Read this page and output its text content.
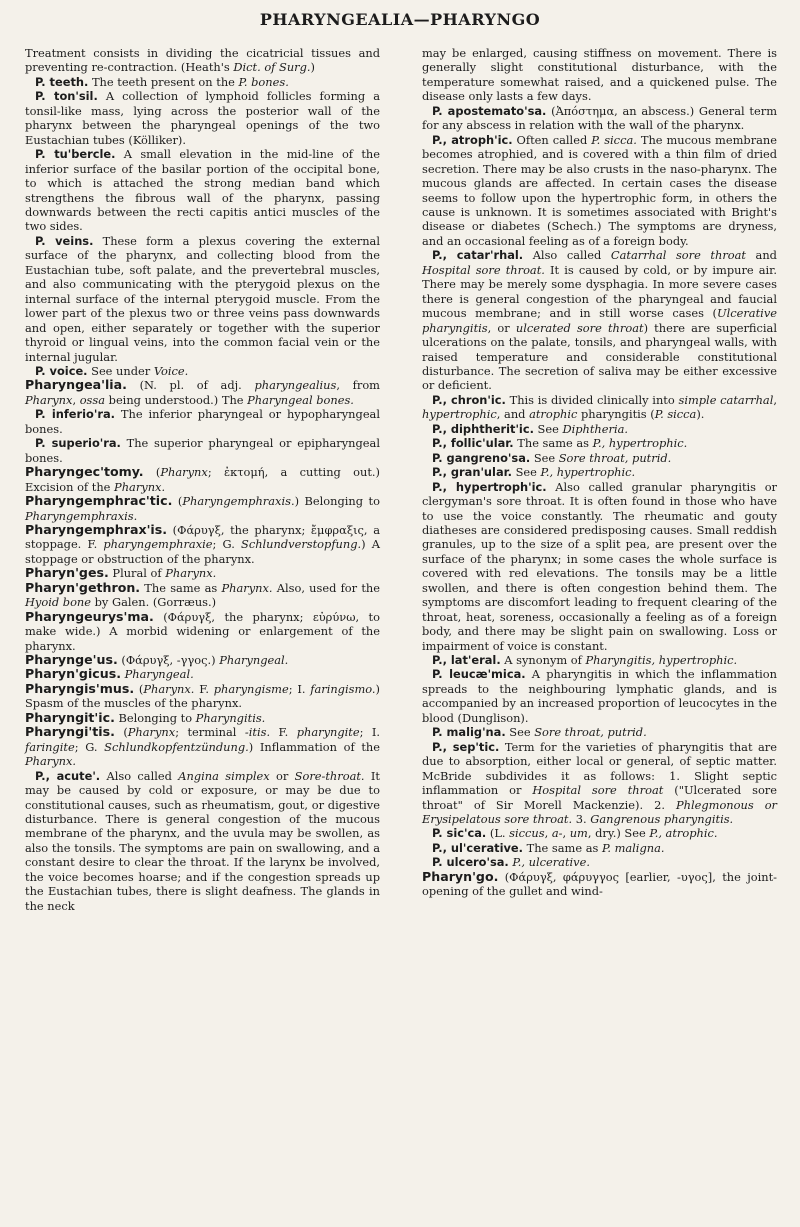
PHARYNGEALIA—PHARYNGO

Treatment consists in dividing the cicatricial tissues and preventing re-contraction. (Heath's Dict. of Surg.)

P. teeth. The teeth present on the P. bones.

P. ton'sil. A collection of lymphoid follicles forming a tonsil-like mass, lying across the posterior wall of the pharynx between the pharyngeal openings of the two Eustachian tubes (Kölliker).

P. tu'bercle. A small elevation in the mid-line of the inferior surface of the basilar portion of the occipital bone, to which is attached the strong median band which strengthens the fibrous wall of the pharynx, passing downwards between the recti capitis antici muscles of the two sides.

P. veins. These form a plexus covering the external surface of the pharynx, and collecting blood from the Eustachian tube, soft palate, and the prevertebral muscles, and also communicating with the pterygoid plexus on the internal surface of the internal pterygoid muscle. From the lower part of the plexus two or three veins pass downwards and open, either separately or together with the superior thyroid or lingual veins, into the common facial vein or the internal jugular.

P. voice. See under Voice.

Pharyngea'lia. (N. pl. of adj. pharyngealius, from Pharynx, ossa being understood.) The Pharyngeal bones.

P. inferio'ra. The inferior pharyngeal or hypopharyngeal bones.

P. superio'ra. The superior pharyngeal or epipharyngeal bones.

Pharyngec'tomy. (Pharynx; ἐκτομή, a cutting out.) Excision of the Pharynx.

Pharyngemphrac'tic. (Pharyngemphraxis.) Belonging to Pharyngemphraxis.

Pharyngemphrax'is. (Φάρυγξ, the pharynx; ἔμφραξις, a stoppage. F. pharyngemphraxie; G. Schlundverstopfung.) A stoppage or obstruction of the pharynx.

Pharyn'ges. Plural of Pharynx.

Pharyn'gethron. The same as Pharynx. Also, used for the Hyoid bone by Galen. (Gorræus.)

Pharyngeurys'ma. (Φάρυγξ, the pharynx; εὐρύνω, to make wide.) A morbid widening or enlargement of the pharynx.

Pharynge'us. (Φάρυγξ, -γγος.) Pharyngeal.

Pharyn'gicus. Pharyngeal.

Pharyngis'mus. (Pharynx. F. pharyngisme; I. faringismo.) Spasm of the muscles of the pharynx.

Pharyngit'ic. Belonging to Pharyngitis.

Pharyngi'tis. (Pharynx; terminal -itis. F. pharyngite; I. faringite; G. Schlundkopfentzündung.) Inflammation of the Pharynx.

P., acute'. Also called Angina simplex or Sore-throat. It may be caused by cold or exposure, or may be due to constitutional causes, such as rheumatism, gout, or digestive disturbance. There is general congestion of the mucous membrane of the pharynx, and the uvula may be swollen, as also the tonsils. The symptoms are pain on swallowing, and a constant desire to clear the throat. If the larynx be involved, the voice becomes hoarse; and if the congestion spreads up the Eustachian tubes, there is slight deafness. The glands in the neck

may be enlarged, causing stiffness on movement. There is generally slight constitutional disturbance, with the temperature somewhat raised, and a quickened pulse. The disease only lasts a few days.

P. apostemato'sa. (Ἀπόστημα, an abscess.) General term for any abscess in relation with the wall of the pharynx.

P., atroph'ic. Often called P. sicca. The mucous membrane becomes atrophied, and is covered with a thin film of dried secretion. There may be also crusts in the naso-pharynx. The mucous glands are affected. In certain cases the disease seems to follow upon the hypertrophic form, in others the cause is unknown. It is sometimes associated with Bright's disease or diabetes (Schech.) The symptoms are dryness, and an occasional feeling as of a foreign body.

P., catar'rhal. Also called Catarrhal sore throat and Hospital sore throat. It is caused by cold, or by impure air. There may be merely some dysphagia. In more severe cases there is general congestion of the pharyngeal and faucial mucous membrane; and in still worse cases (Ulcerative pharyngitis, or ulcerated sore throat) there are superficial ulcerations on the palate, tonsils, and pharyngeal walls, with raised temperature and considerable constitutional disturbance. The secretion of saliva may be either excessive or deficient.

P., chron'ic. This is divided clinically into simple catarrhal, hypertrophic, and atrophic pharyngitis (P. sicca).

P., diphtherit'ic. See Diphtheria.

P., follic'ular. The same as P., hypertrophic.

P. gangreno'sa. See Sore throat, putrid.

P., gran'ular. See P., hypertrophic.

P., hypertroph'ic. Also called granular pharyngitis or clergyman's sore throat. It is often found in those who have to use the voice constantly. The rheumatic and gouty diatheses are considered predisposing causes. Small reddish granules, up to the size of a split pea, are present over the surface of the pharynx; in some cases the whole surface is covered with red elevations. The tonsils may be a little swollen, and there is often congestion behind them. The symptoms are discomfort leading to frequent clearing of the throat, heat, soreness, occasionally a feeling as of a foreign body, and there may be slight pain on swallowing. Loss or impairment of voice is constant.

P., lat'eral. A synonym of Pharyngitis, hypertrophic.

P. leucæ'mica. A pharyngitis in which the inflammation spreads to the neighbouring lymphatic glands, and is accompanied by an increased proportion of leucocytes in the blood (Dunglison).

P. malig'na. See Sore throat, putrid.

P., sep'tic. Term for the varieties of pharyngitis that are due to absorption, either local or general, of septic matter. McBride subdivides it as follows: 1. Slight septic inflammation or Hospital sore throat ("Ulcerated sore throat" of Sir Morell Mackenzie). 2. Phlegmonous or Erysipelatous sore throat. 3. Gangrenous pharyngitis.

P. sic'ca. (L. siccus, a-, um, dry.) See P., atrophic.

P., ul'cerative. The same as P. maligna.

P. ulcero'sa. P., ulcerative.

Pharyn'go. (Φάρυγξ, φάρυγγος [earlier, -υγος], the joint-opening of the gullet and wind-
